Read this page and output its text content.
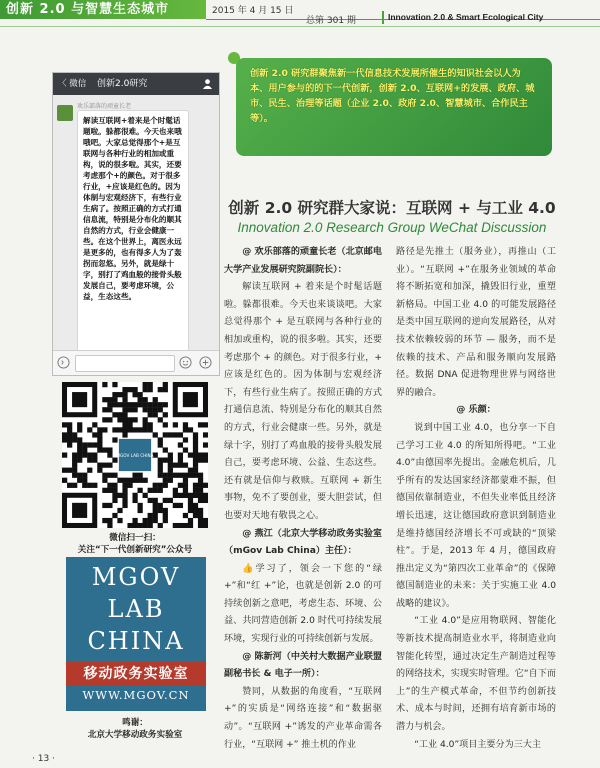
创新 2.0 与智慧生态城市	2015 年 4 月 15 日
总第 301 期	Innovation 2.0 & Smart Ecological City
〈 微信 创新2.0研究
欢乐部落的顽童长老
解读互联网+着来是个时髦话题啦。躲都很难。今天也来哦哦吧。大家总觉得那个+是互联网与各种行业的相加或重构，说的很多啦。其实，还要考虑那个+的颜色。对于很多行业，+应该是红色的。因为体制与宏观经济下，有些行业生病了。按照正确的方式打通信息流，特别是分布化的顺其自然的方式，行业会健康一些。在这个世界上，离医永远是更多的，也有得多人为了轰拐而忽悠。另外，就是绿十字，别打了鸡血般的接骨头般发展自己，要考虑环境，公益，生态这些。
MGOV LAB CHINA
微信扫一扫：
关注“下一代创新研究”公众号
MGOV
LAB
CHINA
移动政务实验室
WWW.MGOV.CN
鸣谢：
北京大学移动政务实验室
创新 2.0 研究群聚焦新一代信息技术发展所催生的知识社会以人为本、用户参与的的下一代创新，创新 2.0、互联网+的发展、政府、城市、民生、治理等话题（企业 2.0、政府 2.0、智慧城市、合作民主等）。
创新 2.0 研究群大家说：互联网 + 与工业 4.0
Innovation 2.0 Research Group WeChat Discussion

@ 欢乐部落的顽童长老（北京邮电大学产业发展研究院副院长）：

解读互联网 + 着来是个时髦话题啦。躲都很难。今天也来谈谈吧。大家总觉得那个 + 是互联网与各种行业的相加或重构，说的很多啦。其实，还要考虑那个 + 的颜色。对于很多行业，+ 应该是红色的。因为体制与宏观经济下，有些行业生病了。按照正确的方式打通信息流、特别是分布化的顺其自然的方式，行业会健康一些。另外，就是绿十字，别打了鸡血般的接骨头般发展自己，要考虑环境、公益、生态这些。还有就是信仰与救赎。互联网 + 新生事物，免不了要创业，要大胆尝试，但也要对天地有敬畏之心。

@ 燕江（北京大学移动政务实验室（mGov Lab China）主任）：

👍学习了，领会一下您的“绿 +”和“红 +”论，也就是创新 2.0 的可持续创新之意吧，考虑生态、环境、公益、共同营造创新 2.0 时代可持续发展环境，实现行业的可持续创新与发展。

@ 陈新河（中关村大数据产业联盟副秘书长 & 电子一所）：

赞同，从数据的角度看，“互联网 +”的实质是“网络连接”和“数据驱动”。“互联网 +”诱发的产业革命需各行业，“互联网 +” 推土机的作业

路径是先推土（服务业），再推山（工业）。“互联网 +”在服务业领域的革命将不断拓宽和加深，撬毁旧行业，重塑新格局。中国工业 4.0 的可能发展路径是类中国互联网的逆向发展路径，从对技术依赖较弱的环节 — 服务，而不是依赖的技术、产品和服务顺向发展路径。数据 DNA 促进物理世界与网络世界的融合。

@ 乐颜：

说到中国工业 4.0，也分享一下自己学习工业 4.0 的所知所得吧。“工业 4.0”由德国率先提出。金融危机后，几乎所有的发达国家经济都蒙难不振，但德国依靠制造业，不但失业率低且经济增长迅速，这让德国政府意识到制造业是维持德国经济增长不可或缺的“顶梁柱”。于是，2013 年 4 月，德国政府推出定义为“第四次工业革命”的《保障德国制造业的未来：关于实施工业 4.0 战略的建议》。

“工业 4.0”是应用物联网、智能化等新技术提高制造业水平，将制造业向智能化转型，通过决定生产制造过程等的网络技术，实现实时管理。它“自下而上”的生产模式革命，不但节约创新技术、成本与时间，还拥有培育新市场的潜力与机会。

“工业 4.0”项目主要分为三大主

· 13 ·
